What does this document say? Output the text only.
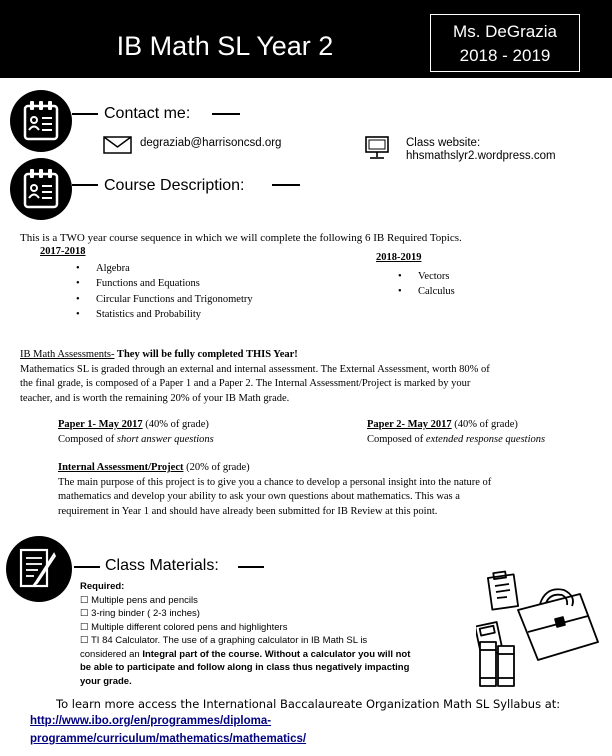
IB Math SL Year 2	Ms. DeGrazia
2018 - 2019
Contact me:
degraziab@harrisoncsd.org	Class website:
hhsmathslyr2.wordpress.com
Course Description:
This is a TWO year course sequence in which we will complete the following 6 IB Required Topics.
2017-2018
• Algebra
• Functions and Equations
• Circular Functions and Trigonometry
• Statistics and Probability
2018-2019
• Vectors
• Calculus
IB Math Assessments- They will be fully completed THIS Year!
Mathematics SL is graded through an external and internal assessment. The External Assessment, worth 80% of
the final grade, is composed of a Paper 1 and a Paper 2. The Internal Assessment/Project is marked by your
teacher, and is worth the remaining 20% of your IB Math grade.
Paper 1- May 2017 (40% of grade)
Composed of short answer questions
Paper 2- May 2017 (40% of grade)
Composed of extended response questions
Internal Assessment/Project (20% of grade)
The main purpose of this project is to give you a chance to develop a personal insight into the nature of
mathematics and develop your ability to ask your own questions about mathematics. This was a
requirement in Year 1 and should have already been submitted for IB Review at this point.
Class Materials:
Required:
☐ Multiple pens and pencils
☐ 3-ring binder ( 2-3 inches)
☐ Multiple different colored pens and highlighters
☐ TI 84 Calculator. The use of a graphing calculator in IB Math SL is
considered an Integral part of the course. Without a calculator you will not
be able to participate and follow along in class thus negatively impacting
your grade.
To learn more access the International Baccalaureate Organization Math SL Syllabus at:
http://www.ibo.org/en/programmes/diploma-
programme/curriculum/mathematics/mathematics/
